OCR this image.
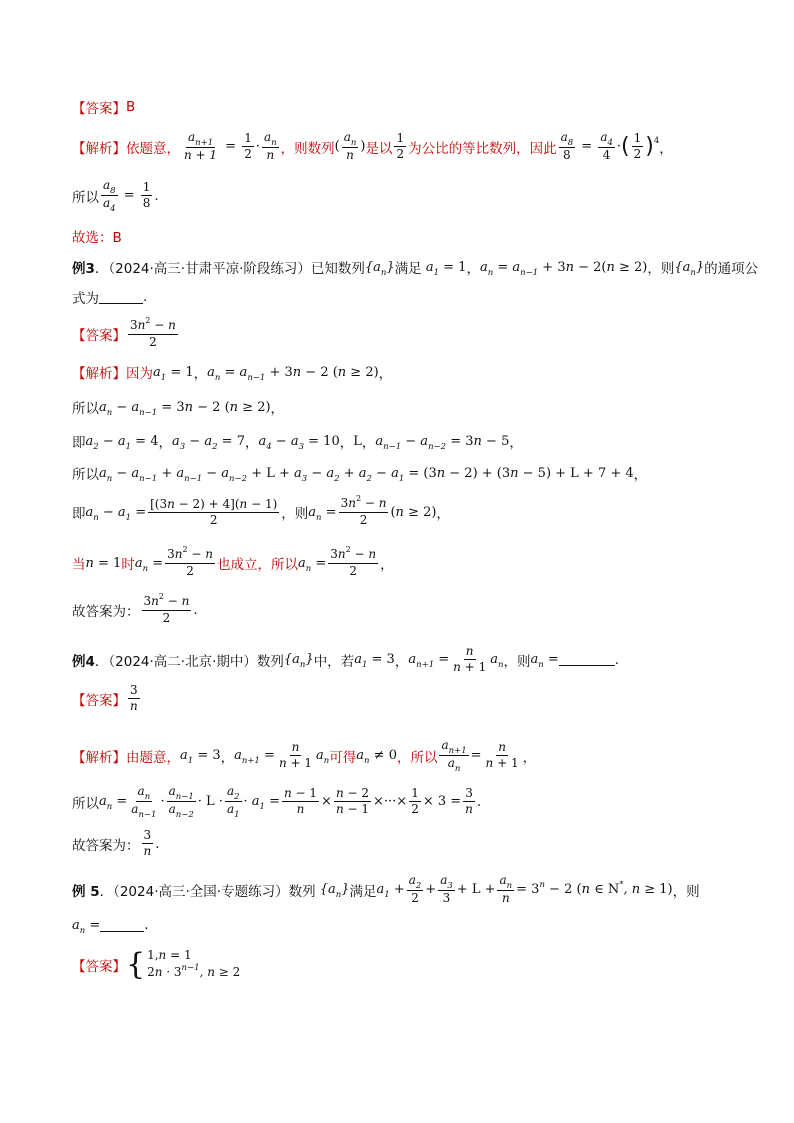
【答案】 B
【解析】 依题意， $\frac{a_{n+1}}{n + 1} = \frac{1}{2} \cdot \frac{a_n}{n}$ ，则数列 ( $\frac{a_n}{n}$ ) 是以 $\frac{1}{2}$ 为公比的等比数列，因此 $\frac{a_8}{8} = \frac{a_4}{4}$ · ( $\frac{1}{2}$ ) 4 ，
所以 $\frac{a_8}{a_4} = \frac{1}{8}$ .
故选：B
例3 ．（2024·高三·甘肃平凉·阶段练习）已知数列 $\{a_n\}$ 满足 $a_1 = 1$ ， $a_n = a_{n-1} + 3n - 2(n \ge 2)$ ，则 $\{a_n\}$ 的通项公
式为	.
【答案】 $\frac{3n^2 - n}{2}$
【解析】 因为 $a_1 = 1$ ， $a_n = a_{n-1} + 3n - 2$ (n ≥ 2) ，
所以 $a_n - a_{n-1} = 3n - 2$ (n ≥ 2) ，
即 $a_2 - a_1 = 4$ ， $a_3 - a_2 = 7$ ， $a_4 - a_3 = 10$ ， L ， $a_{n-1} - a_{n-2} = 3n - 5$ ，
所以 $a_n - a_{n-1} + a_{n-1} - a_{n-2} + L + a_3 - a_2 + a_2 - a_1 = (3n - 2) + (3n - 5) + L + 7 + 4$ ，
即 $a_n - a_1 = \frac{[(3n - 2) + 4](n - 1)}{2}$ ，则 $a_n = \frac{3n^2 - n}{2} (n \ge 2)$ ，
当 n = 1 时 $a_n = \frac{3n^2 - n}{2}$ 也成立，所以 $a_n = \frac{3n^2 - n}{2}$ ，
故答案为： $\frac{3n^2 - n}{2}$ .
例4 ．（2024·高二·北京·期中）数列 $\{a_n\}$ 中，若 $a_1 = 3$ ， $a_{n+1} = \frac{n}{n + 1} a_n$ ，则 $a_n$ =	.
【答案】 $\frac{3}{n}$
【解析】 由题意， $a_1 = 3$ ， $a_{n+1} = \frac{n}{n + 1} a_n$ 可得 $a_n \ne 0$ ，所以 $\frac{a_{n+1}}{a_n} = \frac{n}{n + 1}$ ，
所以 $a_n = \frac{a_n}{a_{n-1}} \cdot \frac{a_{n-1}}{a_{n-2}} \cdot L \cdot \frac{a_2}{a_1} \cdot a_1 = \frac{n - 1}{n} \times \frac{n - 2}{n - 1}$ ×···× $\frac{1}{2} \times 3 = \frac{3}{n}$ .
故答案为： $\frac{3}{n}$ .
例 5 ．（2024·高三·全国·专题练习）数列 $\{a_n\}$ 满足 $a_1 + \frac{a_2}{2} + \frac{a_3}{3} + L + \frac{a_n}{n} = 3^n - 2$ (n ∈ N*, n ≥ 1) ，则
$a_n$ =	.
【答案】 { 1,n = 1
$2n \cdot 3^{n-1}$, n ≥ 2
